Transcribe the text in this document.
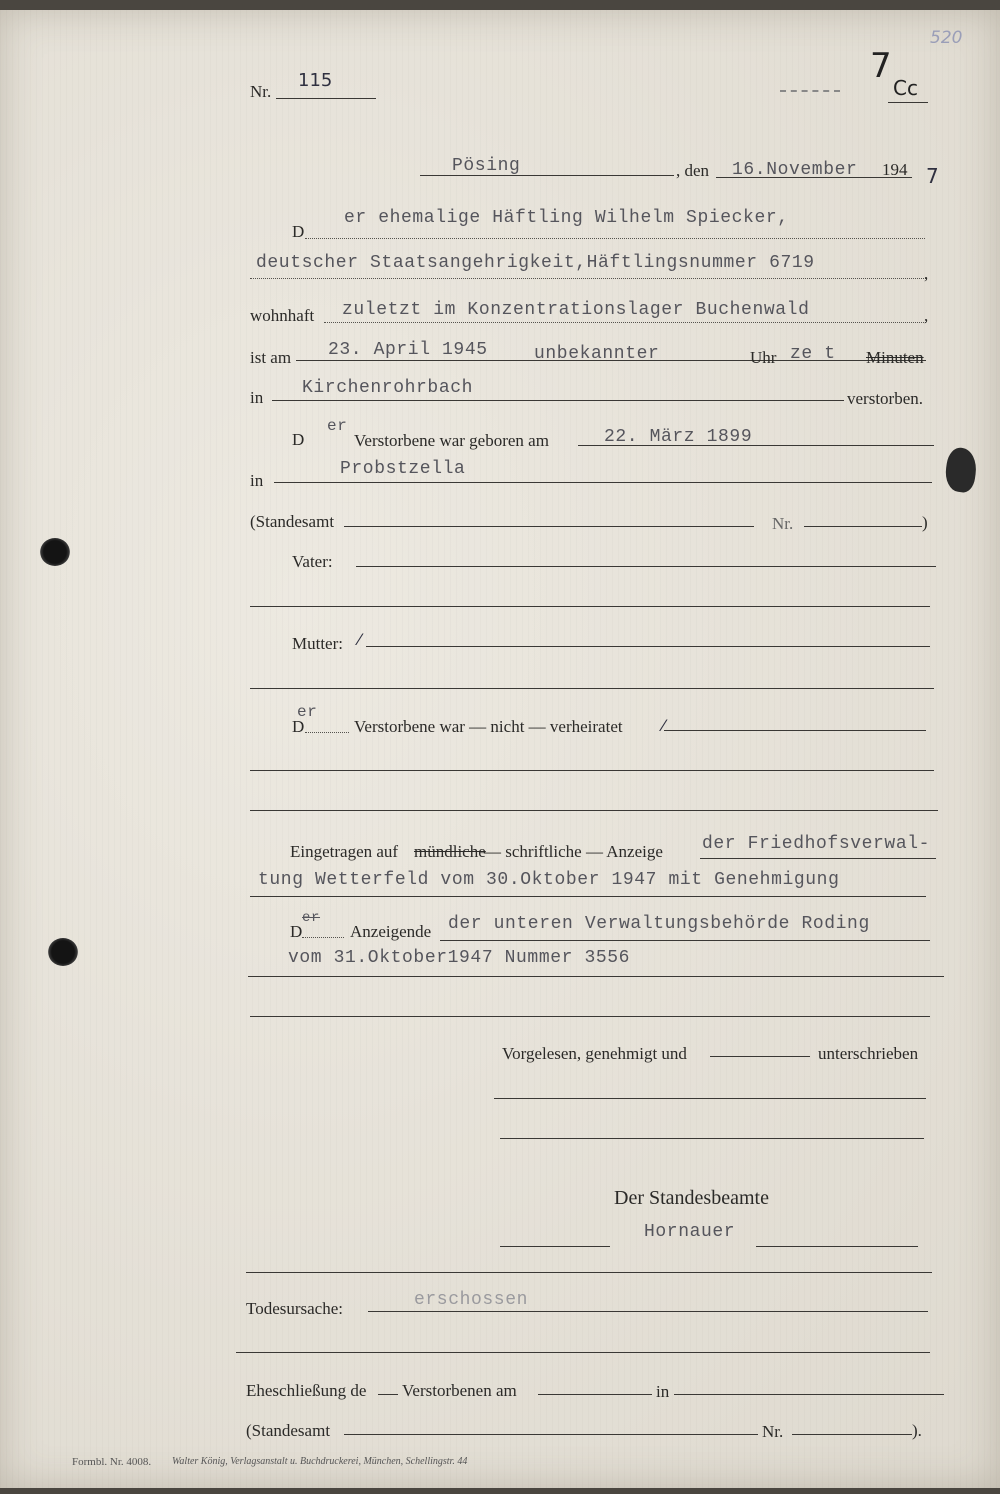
Nr.
115
520
7
Cc
Pösing	, den 16.November 194 7
D
er ehemalige Häftling Wilhelm Spiecker,
deutscher Staatsangehrigkeit,Häftlingsnummer 6719
,
wohnhaft zuletzt im Konzentrationslager Buchenwald	,
ist am 23. April 1945	unbekannter	Uhr ze t Minuten
in Kirchenrohrbach
verstorben.
D
er
Verstorbene war geboren am	22. März 1899
in
Probstzella
(Standesamt	Nr.	)
Vater:
Mutter: ⁄
D
er
Verstorbene war — nicht — verheiratet ⁄
Eingetragen auf mündliche
— schriftliche — Anzeige der Friedhofsverwal-
tung Wetterfeld vom 30.Oktober 1947 mit Genehmigung
D
er
Anzeigende der unteren Verwaltungsbehörde Roding
vom 31.Oktober1947 Nummer 3556
Vorgelesen, genehmigt und	unterschrieben
Der Standesbeamte
Hornauer
Todesursache:	erschossen
Eheschließung de Verstorbenen am	in
(Standesamt	Nr.	).
Formbl. Nr. 4008. Walter König, Verlagsanstalt u. Buchdruckerei, München, Schellingstr. 44
